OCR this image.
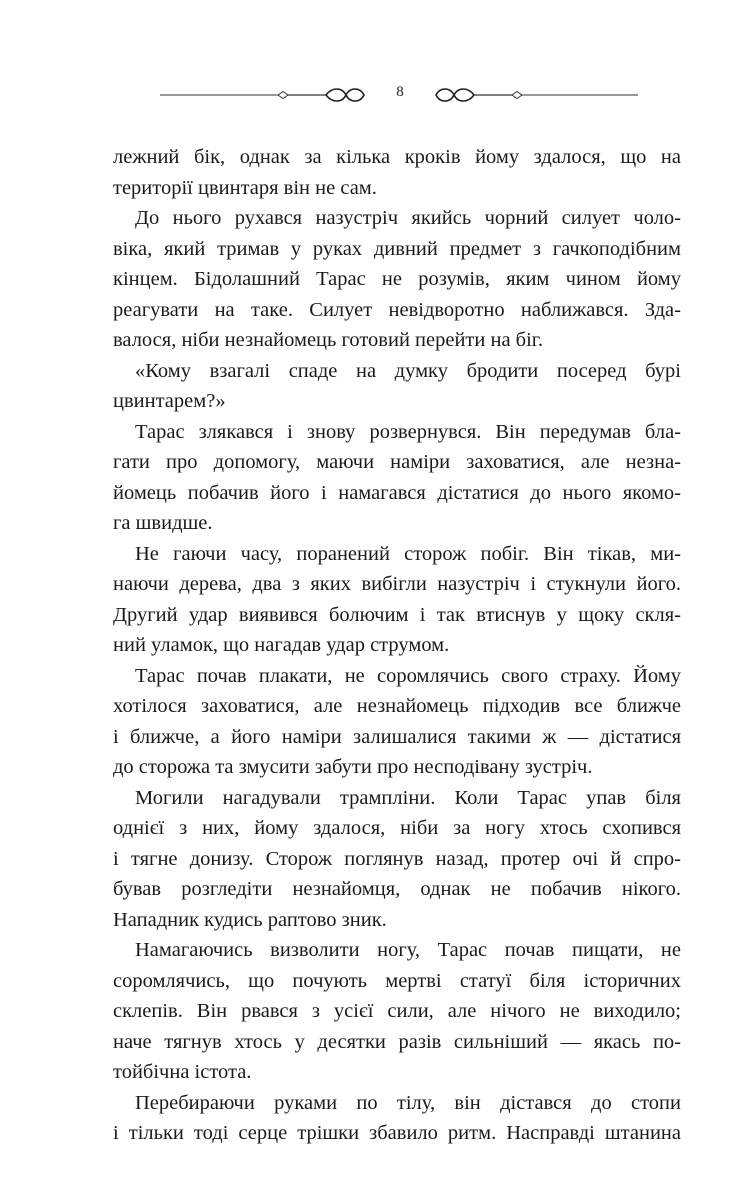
8
лежний бік, однак за кілька кроків йому здалося, що на
території цвинтаря він не сам.
До нього рухався назустріч якийсь чорний силует чоло-
віка, який тримав у руках дивний предмет з гачкоподібним
кінцем. Бідолашний Тарас не розумів, яким чином йому
реагувати на таке. Силует невідворотно наближався. Зда-
валося, ніби незнайомець готовий перейти на біг.
«Кому взагалі спаде на думку бродити посеред бурі
цвинтарем?»
Тарас злякався і знову розвернувся. Він передумав бла-
гати про допомогу, маючи наміри заховатися, але незна-
йомець побачив його і намагався дістатися до нього якомо-
га швидше.
Не гаючи часу, поранений сторож побіг. Він тікав, ми-
наючи дерева, два з яких вибігли назустріч і стукнули його.
Другий удар виявився болючим і так втиснув у щоку скля-
ний уламок, що нагадав удар струмом.
Тарас почав плакати, не соромлячись свого страху. Йому
хотілося заховатися, але незнайомець підходив все ближче
і ближче, а його наміри залишалися такими ж — дістатися
до сторожа та змусити забути про несподівану зустріч.
Могили нагадували трампліни. Коли Тарас упав біля
однієї з них, йому здалося, ніби за ногу хтось схопився
і тягне донизу. Сторож поглянув назад, протер очі й спро-
бував розгледіти незнайомця, однак не побачив нікого.
Нападник кудись раптово зник.
Намагаючись визволити ногу, Тарас почав пищати, не
соромлячись, що почують мертві статуї біля історичних
склепів. Він рвався з усієї сили, але нічого не виходило;
наче тягнув хтось у десятки разів сильніший — якась по-
тойбічна істота.
Перебираючи руками по тілу, він дістався до стопи
і тільки тоді серце трішки збавило ритм. Насправді штанина
